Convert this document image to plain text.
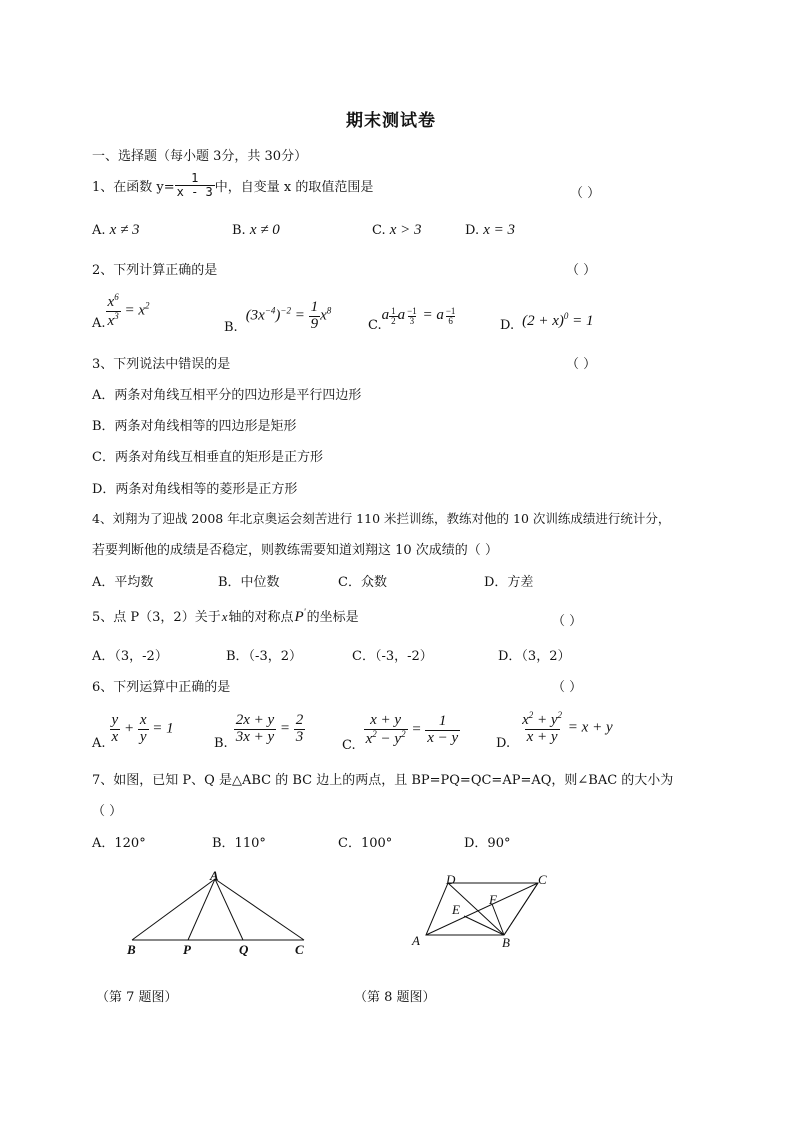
期末测试卷
一、选择题（每小题 3分，共 30分）
1、在函数 $y= \frac{1}{x - 3}$ 中，自变量 x 的取值范围是	（ ）
A. x ≠ 3	B. x ≠ 0	C. x > 3	D. x = 3
2、下列计算正确的是	（ ）
A. $\frac{x^6}{x^3} = x^2$
B.
$(3x^{-4})^{-2} = \frac{1}{9} x^8$
C.
a $\frac{1}{2}$ a $\frac{-1}{3} = a \frac{-1}{6}$	D. $(2 + x)^0 = 1$
3、下列说法中错误的是	（ ）
A．两条对角线互相平分的四边形是平行四边形
B．两条对角线相等的四边形是矩形
C．两条对角线互相垂直的矩形是正方形
D．两条对角线相等的菱形是正方形
4、刘翔为了迎战 2008 年北京奥运会刻苦进行 110 米拦训练，教练对他的 10 次训练成绩进行统计分，
若要判断他的成绩是否稳定，则教练需要知道刘翔这 10 次成绩的（ ）
A．平均数	B．中位数	C．众数	D．方差
5、点 P（3，2）关于 x 轴的对称点 P' 的坐标是	（ ）
A．（3，-2）	B．（-3，2）	C．（-3，-2）	D．（3，2）
6、下列运算中正确的是	（ ）
A. $\frac{y}{x} + \frac{x}{y} = 1$
B. $\frac{2x + y}{3x + y} = \frac{2}{3}$	C. $\frac{x + y}{x^2 - y^2} = \frac{1}{x - y}$	D. $\frac{x^2 + y^2}{x + y} = x + y$
7、如图，已知 P、Q 是△ABC 的 BC 边上的两点，且 BP=PQ=QC=AP=AQ，则∠BAC 的大小为
（ ）
A．120°	B．110°	C．100°	D．90°
A
B	P	Q	C
（第 7 题图）
D	C
E
F
A	B
（第 8 题图）
